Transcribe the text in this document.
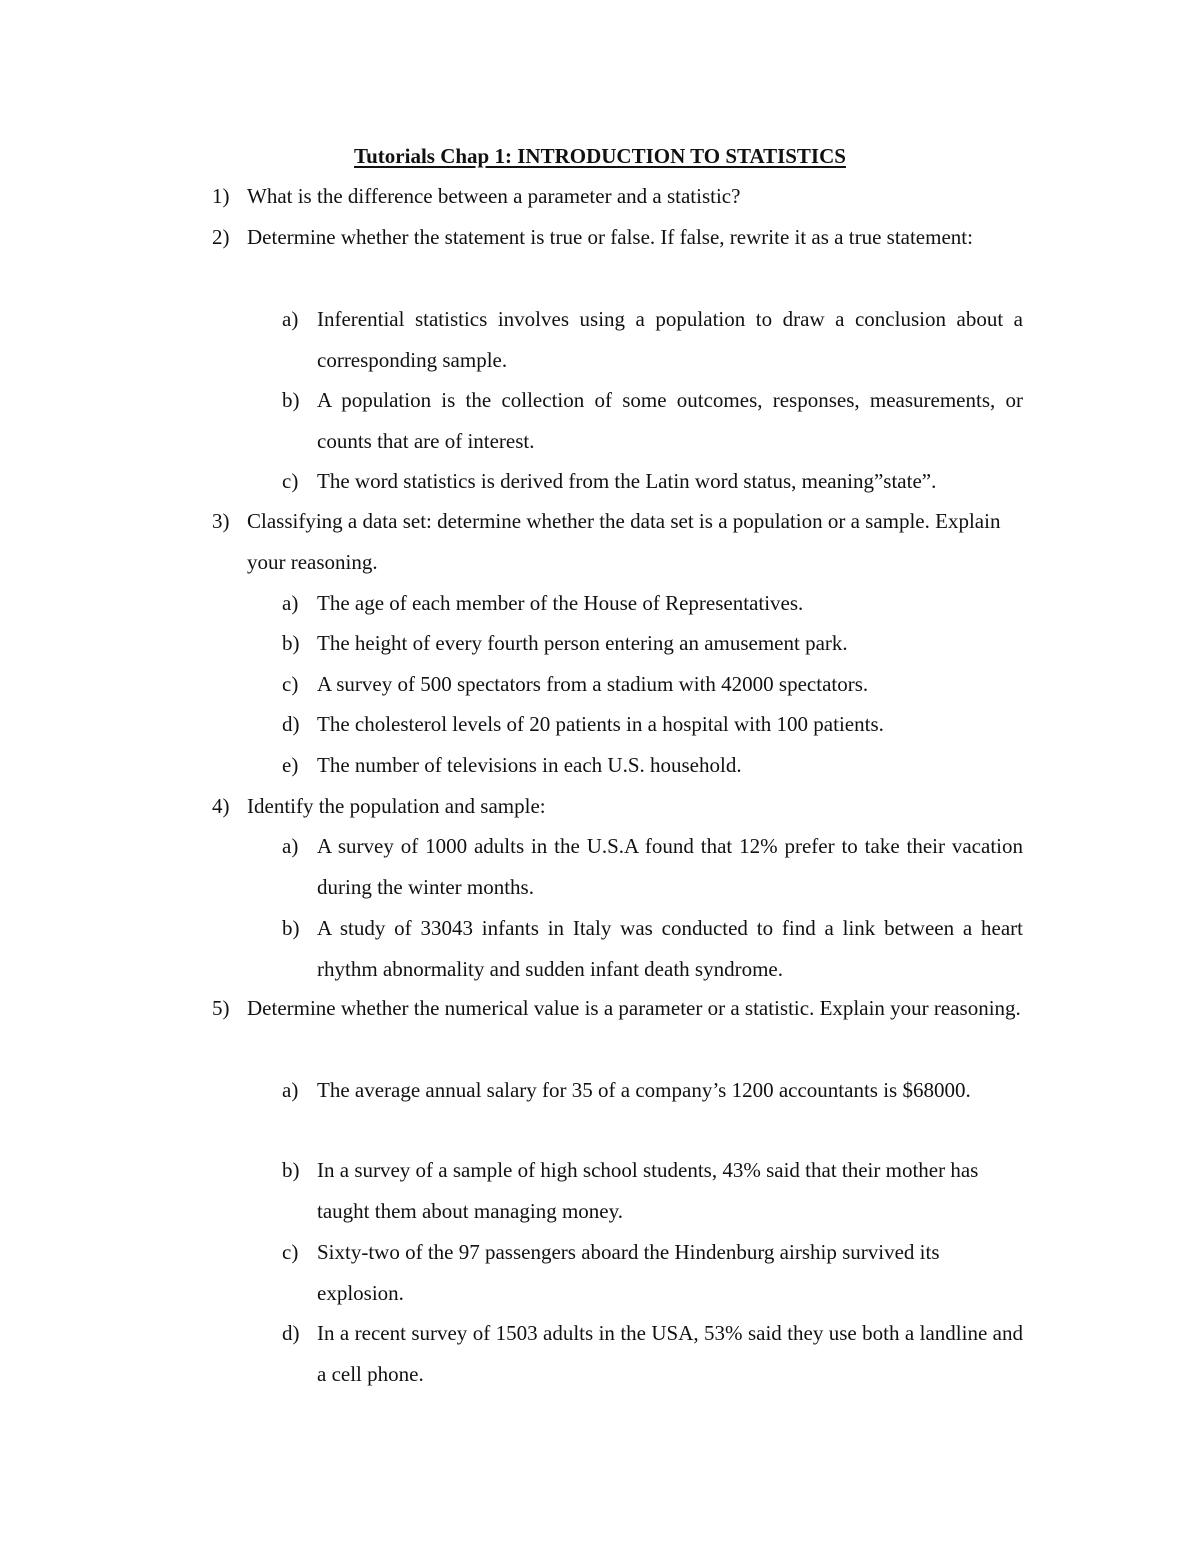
Tutorials Chap 1: INTRODUCTION TO STATISTICS
1) What is the difference between a parameter and a statistic?
2) Determine whether the statement is true or false. If false, rewrite it as a true statement:
a) Inferential statistics involves using a population to draw a conclusion about a corresponding sample.
b) A population is the collection of some outcomes, responses, measurements, or counts that are of interest.
c) The word statistics is derived from the Latin word status, meaning”state”.
3) Classifying a data set: determine whether the data set is a population or a sample. Explain your reasoning.
a) The age of each member of the House of Representatives.
b) The height of every fourth person entering an amusement park.
c) A survey of 500 spectators from a stadium with 42000 spectators.
d) The cholesterol levels of 20 patients in a hospital with 100 patients.
e) The number of televisions in each U.S. household.
4) Identify the population and sample:
a) A survey of 1000 adults in the U.S.A found that 12% prefer to take their vacation during the winter months.
b) A study of 33043 infants in Italy was conducted to find a link between a heart rhythm abnormality and sudden infant death syndrome.
5) Determine whether the numerical value is a parameter or a statistic. Explain your reasoning.
a) The average annual salary for 35 of a company’s 1200 accountants is $68000.
b) In a survey of a sample of high school students, 43% said that their mother has taught them about managing money.
c) Sixty-two of the 97 passengers aboard the Hindenburg airship survived its explosion.
d) In a recent survey of 1503 adults in the USA, 53% said they use both a landline and a cell phone.
